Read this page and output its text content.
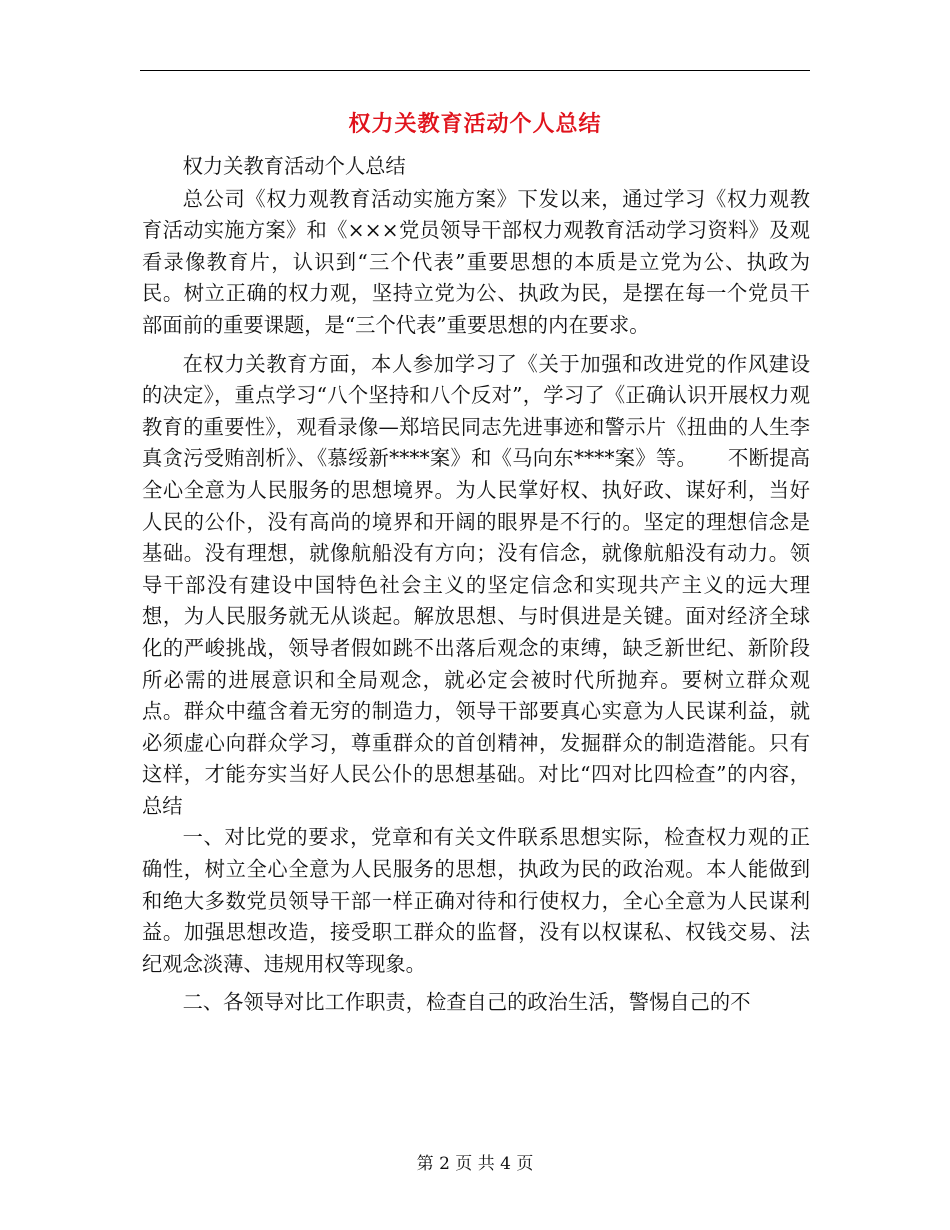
权力关教育活动个人总结

权力关教育活动个人总结

总公司《权力观教育活动实施方案》下发以来，通过学习《权力观教育活动实施方案》和《×××党员领导干部权力观教育活动学习资料》及观看录像教育片，认识到“三个代表”重要思想的本质是立党为公、执政为民。树立正确的权力观，坚持立党为公、执政为民，是摆在每一个党员干部面前的重要课题，是“三个代表”重要思想的内在要求。

在权力关教育方面，本人参加学习了《关于加强和改进党的作风建设的决定》，重点学习“八个坚持和八个反对”，学习了《正确认识开展权力观教育的重要性》，观看录像—郑培民同志先进事迹和警示片《扭曲的人生李真贪污受贿剖析》、《慕绥新****案》和《马向东****案》等。　　不断提高全心全意为人民服务的思想境界。为人民掌好权、执好政、谋好利，当好人民的公仆，没有高尚的境界和开阔的眼界是不行的。坚定的理想信念是基础。没有理想，就像航船没有方向；没有信念，就像航船没有动力。领导干部没有建设中国特色社会主义的坚定信念和实现共产主义的远大理想，为人民服务就无从谈起。解放思想、与时俱进是关键。面对经济全球化的严峻挑战，领导者假如跳不出落后观念的束缚，缺乏新世纪、新阶段所必需的进展意识和全局观念，就必定会被时代所抛弃。要树立群众观点。群众中蕴含着无穷的制造力，领导干部要真心实意为人民谋利益，就必须虚心向群众学习，尊重群众的首创精神，发掘群众的制造潜能。只有这样，才能夯实当好人民公仆的思想基础。对比“四对比四检查”的内容，总结

一、对比党的要求，党章和有关文件联系思想实际，检查权力观的正确性，树立全心全意为人民服务的思想，执政为民的政治观。本人能做到和绝大多数党员领导干部一样正确对待和行使权力，全心全意为人民谋利益。加强思想改造，接受职工群众的监督，没有以权谋私、权钱交易、法纪观念淡薄、违规用权等现象。

二、各领导对比工作职责，检查自己的政治生活，警惕自己的不

第 2 页 共 4 页
